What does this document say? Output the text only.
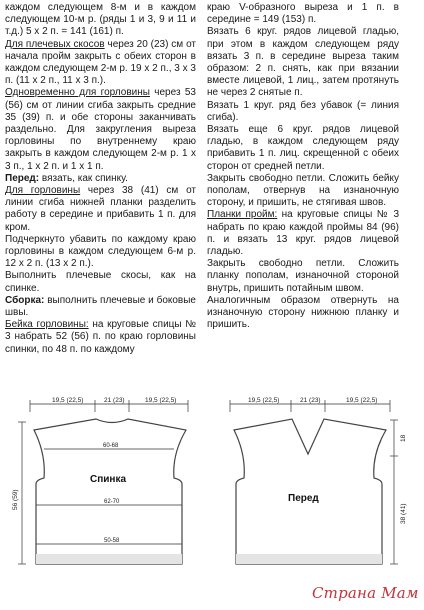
каждом следующем 8-м и в каждом следующем 10-м р. (ряды 1 и 3, 9 и 11 и т.д.) 5 х 2 п. = 141 (161) п.

Для плечевых скосов через 20 (23) см от начала пройм закрыть с обеих сторон в каждом следующем 2-м р. 19 х 2 п., 3 х 3 п. (11 х 2 п., 11 х 3 п.).

Одновременно для горловины через 53 (56) см от линии сгиба закрыть средние 35 (39) п. и обе стороны заканчивать раздельно. Для закругления выреза горловины по внутреннему краю закрыть в каждом следующем 2-м р. 1 х 3 п., 1 х 2 п. и 1 х 1 п.

Перед: вязать, как спинку.

Для горловины через 38 (41) см от линии сгиба нижней планки разделить работу в середине и прибавить 1 п. для кром.

Подчеркнуто убавить по каждому краю горловины в каждом следующем 6-м р. 12 х 2 п. (13 х 2 п.).

Выполнить плечевые скосы, как на спинке.

Сборка: выполнить плечевые и боковые швы.

Бейка горловины: на круговые спицы № 3 набрать 52 (56) п. по краю горловины спинки, по 48 п. по каждому

краю V-образного выреза и 1 п. в середине = 149 (153) п.

Вязать 6 круг. рядов лицевой гладью, при этом в каждом следующем ряду вязать 3 п. в середине выреза таким образом: 2 п. снять, как при вязании вместе лицевой, 1 лиц., затем протянуть не через 2 снятые п.

Вязать 1 круг. ряд без убавок (= линия сгиба).

Вязать еще 6 круг. рядов лицевой гладью, в каждом следующем ряду прибавить 1 п. лиц. скрещенной с обеих сторон от средней петли.

Закрыть свободно петли. Сложить бейку пополам, отвернув на изнаночную сторону, и пришить, не стягивая швов.

Планки пройм: на круговые спицы № 3 набрать по краю каждой проймы 84 (96) п. и вязать 13 круг. рядов лицевой гладью.

Закрыть свободно петли. Сложить планку пополам, изнаночной стороной внутрь, пришить потайным швом.

Аналогичным образом отвернуть на изнаночную сторону нижнюю планку и пришить.

19,5 (22,5)	21 (23)	19,5 (22,5)
60-68
62-70
50-58
Спинка
56 (59)
19,5 (22,5)	21 (23)	19,5 (22,5)
Перед
18
38 (41)
Страна Мам
